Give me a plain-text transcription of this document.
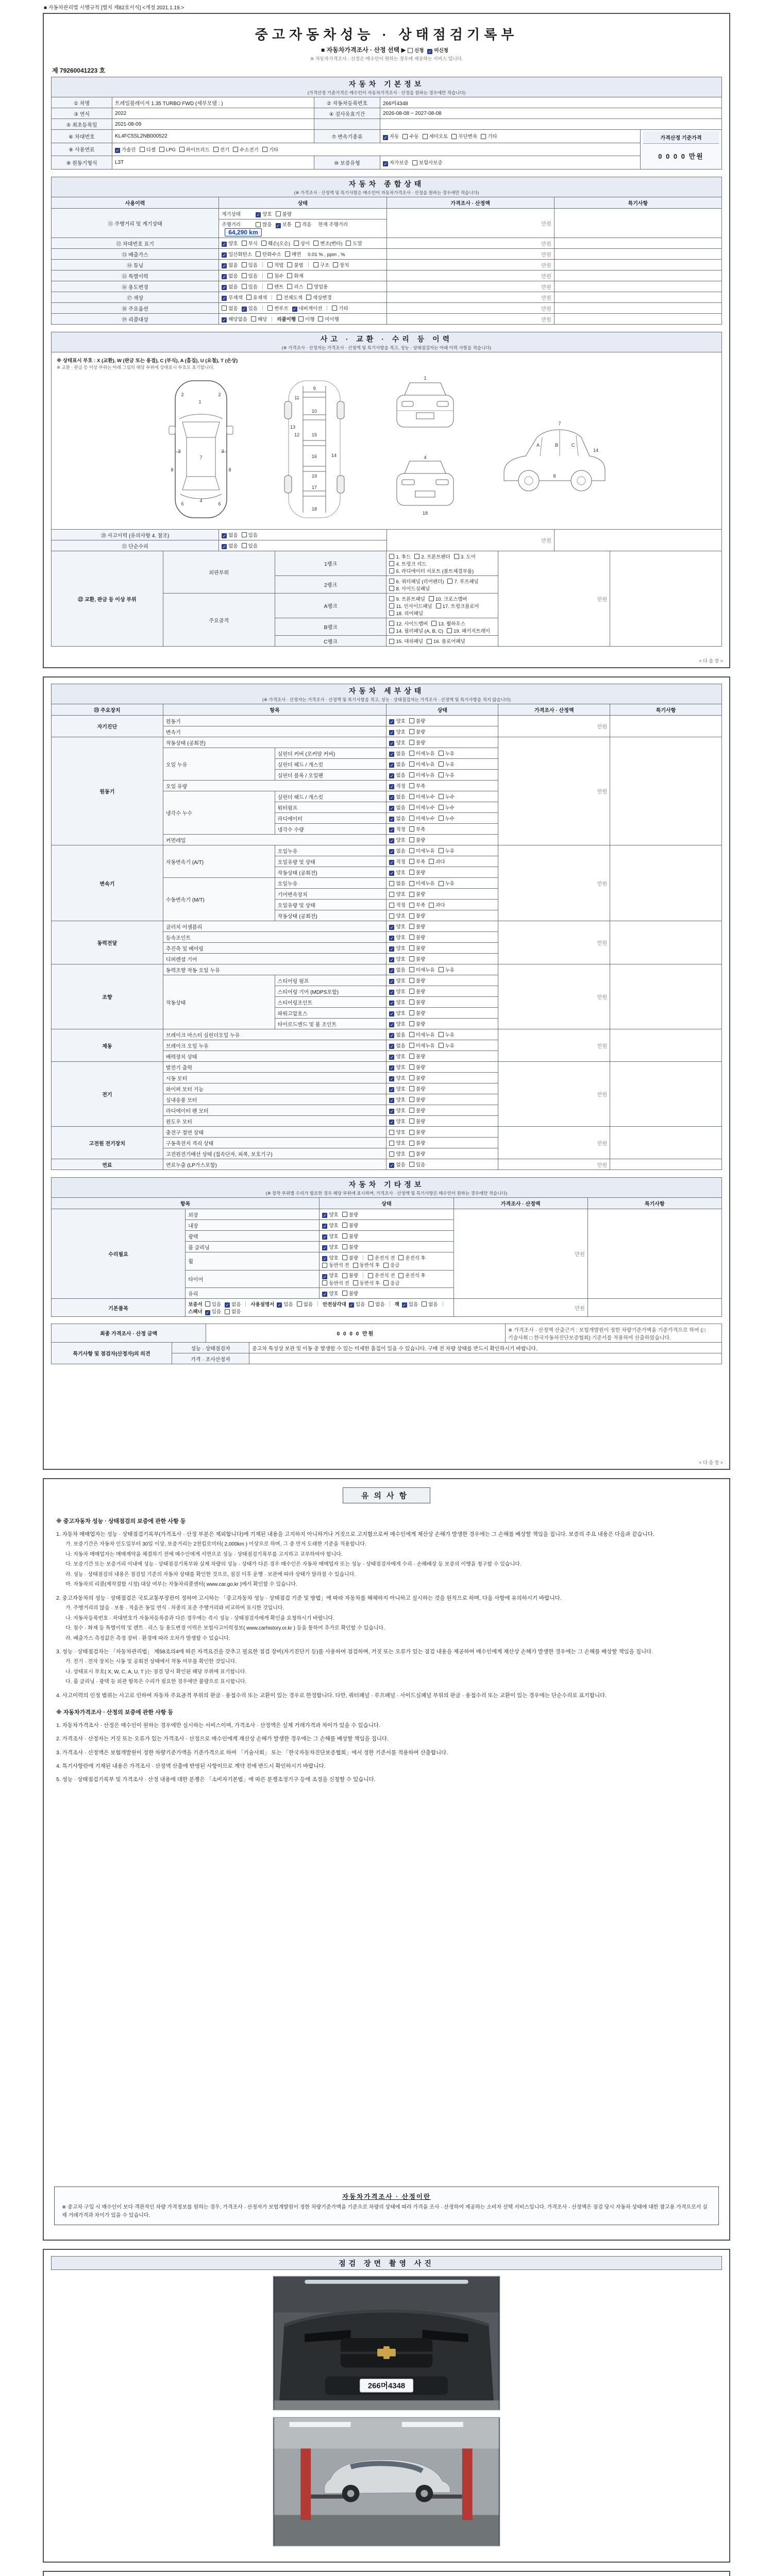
■ 자동차관리법 시행규칙 [별지 제82호서식] <개정 2021.1.19.>
중고자동차성능 · 상태점검기록부
■ 자동차가격조사 · 산정 선택 ▶ 신청 ✓ 미신청
※ 자동차가격조사 · 산정은 매수인이 원하는 경우에 제공하는 서비스 입니다.
제 79260041223 호
자동차 기본정보
(가격산정 기준가격은 매수인이 자동차가격조사 · 산정을 원하는 경우에만 적습니다)
① 차명	트레일블레이저 1.35 TURBO FWD (세부모델 : )	② 자동차등록번호	266머4348	
③ 연식	2022	④ 검사유효기간	2026-08-08 ~ 2027-08-08	
⑤ 최초등록일	2021-08-09			
⑥ 차대번호	KL4FC5SL2NB000522	⑦ 변속기종류	✓ 자동 수동 세미오토 무단변속 기타	가격산정 기준가격
0 0 0 0 만원

⑧ 사용연료	✓ 가솔린 디젤 LPG 하이브리드 전기 수소전기 기타			
⑨ 원동기형식	L3T	⑩ 보증유형	✓ 자가보증 보험사보증	
자동차 종합상태
(※ 가격조사 · 산정액 및 특기사항은 매수인이 자동차가격조사 · 산정을 원하는 경우에만 적습니다)
사용이력	상태	가격조사 · 산정액	특기사항
⑪ 주행거리 및 계기상태	계기상태 ✓ 양호 불량	만원	
	주행거리 많음 ✓ 보통 적음 현재 주행거리64,290 km		
⑫ 차대번호 표기	✓ 양호 부식 훼손(오손) 상이 변조(변타) 도말	만원	
⑬ 배출가스	✓ 일산화탄소 탄화수소 매연 0.01 % , ppm , %	만원	
⑭ 튜닝	✓ 없음 있음 적법 불법 구조 장치	만원	
⑮ 특별이력	✓ 없음 있음 침수 화재	만원	
⑯ 용도변경	✓ 없음 있음 렌트 리스 영업용	만원	
⑰ 색상	✓ 무채색 유채색 전체도색 색상변경	만원	
⑱ 주요옵션	없음 ✓ 있음 썬루프 ✓ 네비게이션 기타	만원	
⑲ 리콜대상	✓ 해당없음 해당 리콜이행 이행 미이행	만원	
사고 · 교환 · 수리 등 이력
(※ 가격조사 · 산정자는 가격조사 · 산정액 및 특기사항을 적고, 성능 · 상태점검자는 아래 이력 사항을 적습니다)
※ 상태표시 부호 : X (교환), W (판금 또는 용접), C (부식), A (흠집), U (요철), T (손상)
※ 교환 · 판금 등 이상 부위는 아래 그림의 해당 부위에 상태표시 부호로 표기합니다.
1
2	2
3	3
7
6	6
4
8	8
9
11
10
12
13
15
16	14
19
17
18
1
4
18
A	B	C
7
8
14
⑳ 사고이력 (유의사항 4. 참조)	✓ 없음 있음	만원	
㉑ 단순수리	✓ 없음 있음		
㉒ 교환, 판금 등 이상 부위	외판부위	1랭크	1. 후드 2. 프론트펜더 3. 도어4. 트렁크 리드5. 라디에이터 서포트 (볼트체결부품)	만원	
		2랭크	6. 쿼터패널 (리어펜더) 7. 루프패널8. 사이드실패널		
	주요골격	A랭크	9. 프론트패널 10. 크로스멤버11. 인사이드패널 17. 트렁크플로어18. 리어패널		
		B랭크	12. 사이드멤버 13. 휠하우스14. 필러패널 (A, B, C) 19. 패키지트레이		
		C랭크	15. 대쉬패널 16. 플로어패널		
< 다 음 장 >
자동차 세부상태
(※ 가격조사 · 산정자는 가격조사 · 산정액 및 특기사항을 적고, 성능 · 상태점검자는 가격조사 · 산정액 및 특기사항을 적지 않습니다)
㉓ 주요장치	항목		상태	가격조사 · 산정액	특기사항
자기진단	원동기		✓ 양호 불량	만원	
	변속기		✓ 양호 불량		
원동기	작동상태 (공회전)		✓ 양호 불량	만원	
	오일 누유	실린더 커버 (로커암 커버)	✓ 없음 미세누유 누유		
		실린더 헤드 / 개스킷	✓ 없음 미세누유 누유		
		실린더 블록 / 오일팬	✓ 없음 미세누유 누유		
	오일 유량		✓ 적정 부족		
	냉각수 누수	실린더 헤드 / 개스킷	✓ 없음 미세누수 누수		
		워터펌프	✓ 없음 미세누수 누수		
		라디에이터	✓ 없음 미세누수 누수		
		냉각수 수량	✓ 적정 부족		
	커먼레일		✓ 양호 불량		
변속기	자동변속기 (A/T)	오일누유	✓ 없음 미세누유 누유	만원	
		오일유량 및 상태	✓ 적정 부족 과다		
		작동상태 (공회전)	✓ 양호 불량		
	수동변속기 (M/T)	오일누유	없음 미세누유 누유		
		기어변속장치	양호 불량		
		오일유량 및 상태	적정 부족 과다		
		작동상태 (공회전)	양호 불량		
동력전달	클러치 어셈블리		✓ 양호 불량	만원	
	등속조인트		✓ 양호 불량		
	추진축 및 베어링		✓ 양호 불량		
	디퍼렌셜 기어		✓ 양호 불량		
조향	동력조향 작동 오일 누유		✓ 없음 미세누유 누유	만원	
	작동상태	스티어링 펌프	✓ 양호 불량		
		스티어링 기어 (MDPS포함)	✓ 양호 불량		
		스티어링조인트	✓ 양호 불량		
		파워고압호스	✓ 양호 불량		
		타이로드엔드 및 볼 조인트	✓ 양호 불량		
제동	브레이크 마스터 실린더오일 누유		✓ 없음 미세누유 누유	만원	
	브레이크 오일 누유		✓ 없음 미세누유 누유		
	배력장치 상태		✓ 양호 불량		
전기	발전기 출력		✓ 양호 불량	만원	
	시동 모터		✓ 양호 불량		
	와이퍼 모터 기능		✓ 양호 불량		
	실내송풍 모터		✓ 양호 불량		
	라디에이터 팬 모터		✓ 양호 불량		
	윈도우 모터		✓ 양호 불량		
고전원 전기장치	충전구 절연 상태		양호 불량	만원	
	구동축전지 격리 상태		양호 불량		
	고전원전기배선 상태 (접속단자, 피복, 보호기구)		양호 불량		
연료	연료누출 (LP가스포함)		✓ 없음 있음	만원	
자동차 기타정보
(※ 장착 부위별 수리가 필요한 경우 해당 부위에 표시하며, 가격조사 · 산정액 및 특기사항은 매수인이 원하는 경우에만 적습니다)
항목		상태	가격조사 · 산정액	특기사항
수리필요	외장	✓ 양호 불량	만원	
	내장	✓ 양호 불량		
	광택	✓ 양호 불량		
	룸 클리닝	✓ 양호 불량		
	휠	✓ 양호 불량 운전석 전 운전석 후동반석 전 동반석 후 응급		
	타이어	✓ 양호 불량 운전석 전 운전석 후동반석 전 동반석 후 응급		
	유리	✓ 양호 불량		
기본품목	보증서 있음 ✓ 없음 사용설명서 ✓ 있음 없음 안전삼각대 ✓ 있음 없음 잭 ✓ 있음 없음스패너 ✓ 있음 없음		만원	
최종 가격조사 · 산정 금액	0 0 0 0 만원	※ 가격조사 · 산정액 산출근거 : 보험개발원이 정한 차량기준가액을 기준가격으로 하여 (□ 기술사회 □ 한국자동차진단보증협회) 기준서를 적용하여 산출하였습니다.
특기사항 및 점검자(산정자)의 의견	성능 · 상태점검자	중고차 특성상 보관 및 이동 중 발생할 수 있는 미세한 흠집이 있을 수 있습니다. 구매 전 차량 상태를 반드시 확인하시기 바랍니다.
	가격 · 조사산정자	
< 다 음 장 >
유의사항
※ 중고자동차 성능 · 상태점검의 보증에 관한 사항 등
1. 자동차 매매업자는 성능 · 상태점검기록부(가격조사 · 산정 부분은 제외합니다)에 기재된 내용을 고지하지 아니하거나 거짓으로 고지함으로써 매수인에게 재산상 손해가 발생한 경우에는 그 손해를 배상할 책임을 집니다. 보증의 주요 내용은 다음과 같습니다.
가. 보증기간은 자동차 인도일부터 30일 이상, 보증거리는 2천킬로미터( 2,000km ) 이상으로 하며, 그 중 먼저 도래한 기준을 적용합니다.
나. 자동차 매매업자는 매매계약을 체결하기 전에 매수인에게 서면으로 성능 · 상태점검기록부를 고지하고 교부하여야 합니다.
다. 보증기간 또는 보증거리 이내에 성능 · 상태점검기록부와 실제 차량의 성능 · 상태가 다른 경우 매수인은 자동차 매매업자 또는 성능 · 상태점검자에게 수리 · 손해배상 등 보증의 이행을 청구할 수 있습니다.
라. 성능 · 상태점검의 내용은 점검일 기준의 자동차 상태를 확인한 것으로, 점검 이후 운행 · 보관에 따라 상태가 달라질 수 있습니다.
마. 자동차의 리콜(제작결함 시정) 대상 여부는 자동차리콜센터( www.car.go.kr )에서 확인할 수 있습니다.
2. 중고자동차의 성능 · 상태점검은 국토교통부장관이 정하여 고시하는 「중고자동차 성능 · 상태점검 기준 및 방법」에 따라 자동차를 해체하지 아니하고 실시하는 것을 원칙으로 하며, 다음 사항에 유의하시기 바랍니다.
가. 주행거리의 많음 · 보통 · 적음은 동일 연식 · 차종의 표준 주행거리와 비교하여 표시한 것입니다.
나. 자동차등록번호 · 차대번호가 자동차등록증과 다른 경우에는 즉시 성능 · 상태점검자에게 확인을 요청하시기 바랍니다.
다. 침수 · 화재 등 특별이력 및 렌트 · 리스 등 용도변경 이력은 보험사고이력정보( www.carhistory.or.kr ) 등을 통하여 추가로 확인할 수 있습니다.
라. 배출가스 측정값은 측정 장비 · 환경에 따라 오차가 발생할 수 있습니다.
3. 성능 · 상태점검자는 「자동차관리법」 제58조의4에 따른 자격요건을 갖추고 필요한 점검 장비(자기진단기 등)를 사용하여 점검하며, 거짓 또는 오류가 있는 점검 내용을 제공하여 매수인에게 재산상 손해가 발생한 경우에는 그 손해를 배상할 책임을 집니다.
가. 전기 · 전자 장치는 시동 및 공회전 상태에서 작동 여부를 확인한 것입니다.
나. 상태표시 부호( X, W, C, A, U, T )는 점검 당시 확인된 해당 부위에 표기합니다.
다. 룸 클리닝 · 광택 등 외관 항목은 수리가 필요한 경우에만 불량으로 표시합니다.
4. 사고이력의 인정 범위는 사고로 인하여 자동차 주요골격 부위의 판금 · 용접수리 또는 교환이 있는 경우로 한정합니다. 다만, 쿼터패널 · 루프패널 · 사이드실패널 부위의 판금 · 용접수리 또는 교환이 있는 경우에는 단순수리로 표기합니다.
※ 자동차가격조사 · 산정의 보증에 관한 사항 등
1. 자동차가격조사 · 산정은 매수인이 원하는 경우에만 실시하는 서비스이며, 가격조사 · 산정액은 실제 거래가격과 차이가 있을 수 있습니다.
2. 가격조사 · 산정자는 거짓 또는 오류가 있는 가격조사 · 산정으로 매수인에게 재산상 손해가 발생한 경우에는 그 손해를 배상할 책임을 집니다.
3. 가격조사 · 산정액은 보험개발원이 정한 차량기준가액을 기준가격으로 하여 「기술사회」 또는 「한국자동차진단보증협회」에서 정한 기준서를 적용하여 산출합니다.
4. 특기사항란에 기재된 내용은 가격조사 · 산정액 산출에 반영된 사항이므로 계약 전에 반드시 확인하시기 바랍니다.
5. 성능 · 상태점검기록부 및 가격조사 · 산정 내용에 대한 분쟁은 「소비자기본법」에 따른 분쟁조정기구 등에 조정을 신청할 수 있습니다.
자동차가격조사 · 산정이란
※ 중고차 구입 시 매수인이 보다 객관적인 차량 가격정보를 원하는 경우, 가격조사 · 산정자가 보험개발원이 정한 차량기준가액을 기준으로 차량의 상태에 따라 가격을 조사 · 산정하여 제공하는 소비자 선택 서비스입니다. 가격조사 · 산정액은 점검 당시 자동차 상태에 대한 참고용 가격으로서 실제 거래가격과 차이가 있을 수 있습니다.
점검 장면 촬영 사진
266머4348
